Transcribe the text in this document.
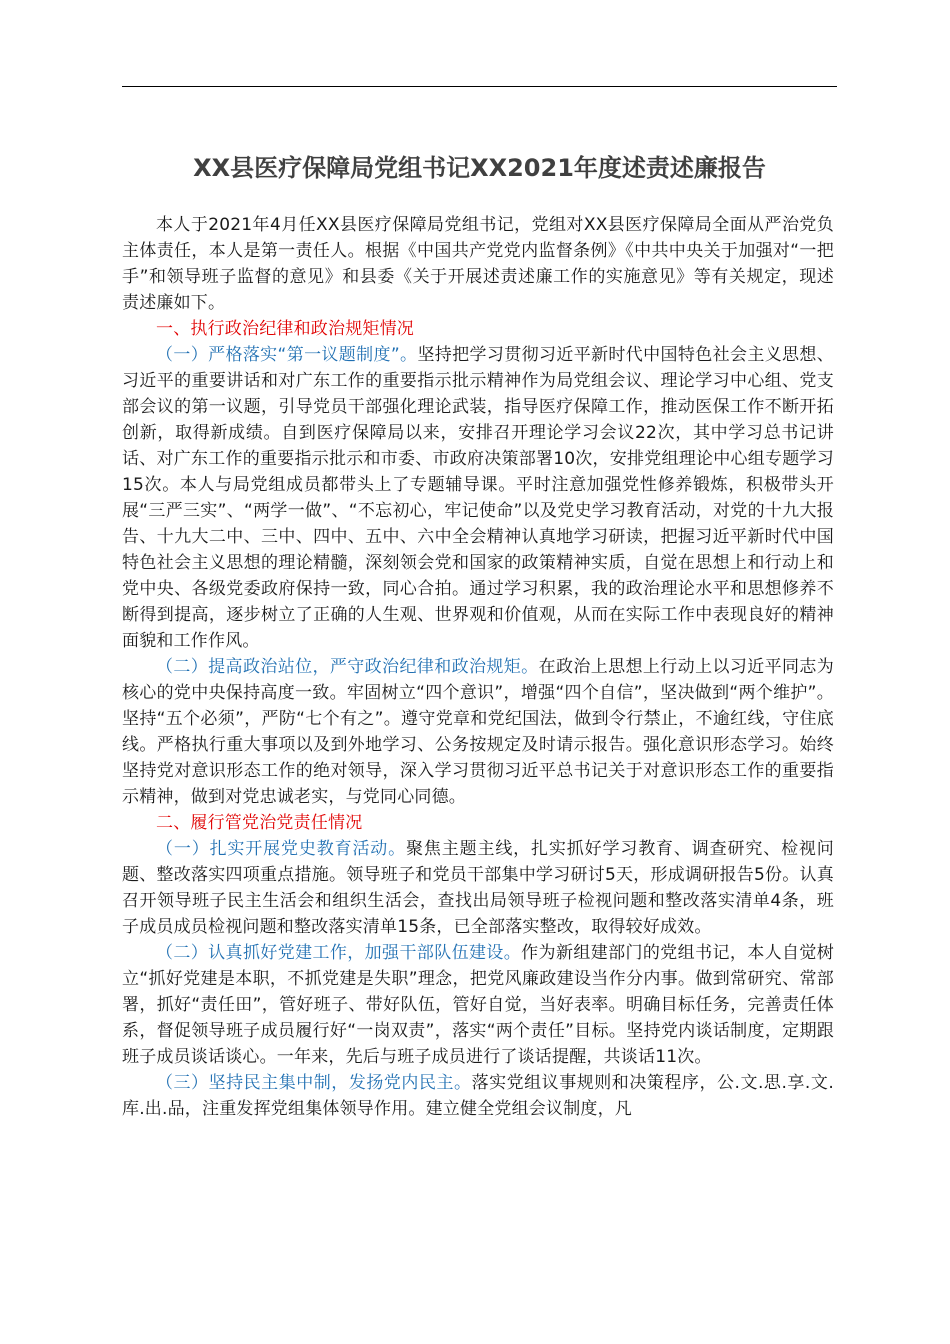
XX县医疗保障局党组书记XX2021年度述责述廉报告

本人于2021年4月任XX县医疗保障局党组书记，党组对XX县医疗保障局全面从严治党负主体责任，本人是第一责任人。根据《中国共产党党内监督条例》《中共中央关于加强对“一把手”和领导班子监督的意见》和县委《关于开展述责述廉工作的实施意见》等有关规定，现述责述廉如下。

一、执行政治纪律和政治规矩情况

（一）严格落实“第一议题制度”。坚持把学习贯彻习近平新时代中国特色社会主义思想、习近平的重要讲话和对广东工作的重要指示批示精神作为局党组会议、理论学习中心组、党支部会议的第一议题，引导党员干部强化理论武装，指导医疗保障工作，推动医保工作不断开拓创新，取得新成绩。自到医疗保障局以来，安排召开理论学习会议22次，其中学习总书记讲话、对广东工作的重要指示批示和市委、市政府决策部署10次，安排党组理论中心组专题学习15次。本人与局党组成员都带头上了专题辅导课。平时注意加强党性修养锻炼，积极带头开展“三严三实”、“两学一做”、“不忘初心，牢记使命”以及党史学习教育活动，对党的十九大报告、十九大二中、三中、四中、五中、六中全会精神认真地学习研读，把握习近平新时代中国特色社会主义思想的理论精髓，深刻领会党和国家的政策精神实质，自觉在思想上和行动上和党中央、各级党委政府保持一致，同心合拍。通过学习积累，我的政治理论水平和思想修养不断得到提高，逐步树立了正确的人生观、世界观和价值观，从而在实际工作中表现良好的精神面貌和工作作风。

（二）提高政治站位，严守政治纪律和政治规矩。在政治上思想上行动上以习近平同志为核心的党中央保持高度一致。牢固树立“四个意识”，增强“四个自信”，坚决做到“两个维护”。坚持“五个必须”，严防“七个有之”。遵守党章和党纪国法，做到令行禁止，不逾红线，守住底线。严格执行重大事项以及到外地学习、公务按规定及时请示报告。强化意识形态学习。始终坚持党对意识形态工作的绝对领导，深入学习贯彻习近平总书记关于对意识形态工作的重要指示精神，做到对党忠诚老实，与党同心同德。

二、履行管党治党责任情况

（一）扎实开展党史教育活动。聚焦主题主线，扎实抓好学习教育、调查研究、检视问题、整改落实四项重点措施。领导班子和党员干部集中学习研讨5天，形成调研报告5份。认真召开领导班子民主生活会和组织生活会，查找出局领导班子检视问题和整改落实清单4条，班子成员成员检视问题和整改落实清单15条，已全部落实整改，取得较好成效。

（二）认真抓好党建工作，加强干部队伍建设。作为新组建部门的党组书记，本人自觉树立“抓好党建是本职，不抓党建是失职”理念，把党风廉政建设当作分内事。做到常研究、常部署，抓好“责任田”，管好班子、带好队伍，管好自觉，当好表率。明确目标任务，完善责任体系，督促领导班子成员履行好“一岗双责”，落实“两个责任”目标。坚持党内谈话制度，定期跟班子成员谈话谈心。一年来，先后与班子成员进行了谈话提醒，共谈话11次。

（三）坚持民主集中制，发扬党内民主。落实党组议事规则和决策程序，公.文.思.享.文.库.出.品，注重发挥党组集体领导作用。建立健全党组会议制度，凡
